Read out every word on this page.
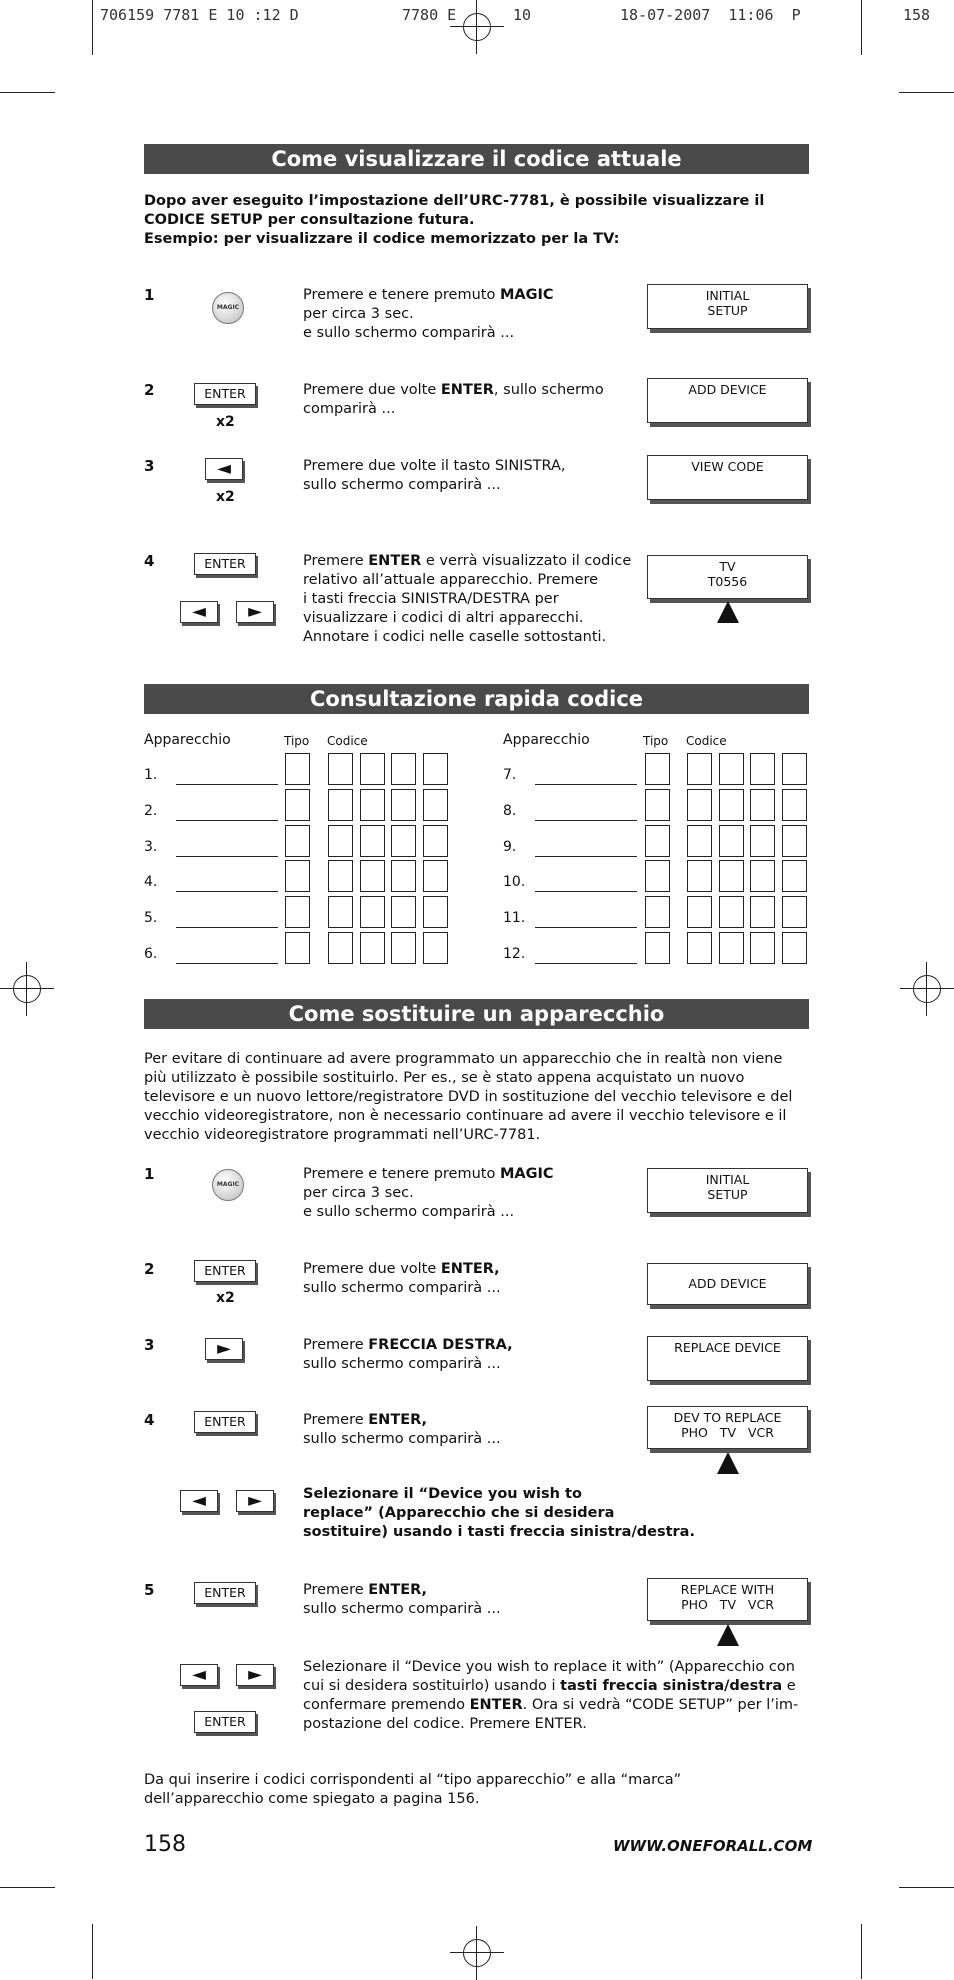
706159 7781 E 10 :12 D	7780 E	10	18-07-2007  11:06  P	158
Come visualizzare il codice attuale
Dopo aver eseguito l’impostazione dell’URC-7781, è possibile visualizzare il
CODICE SETUP per consultazione futura.
Esempio: per visualizzare il codice memorizzato per la TV:
1
MAGIC
Premere e tenere premuto MAGIC
per circa 3 sec.
e sullo schermo comparirà ...
INITIAL
SETUP
2	ENTER
x2
Premere due volte ENTER, sullo schermo
comparirà ...
ADD DEVICE
3	◄
x2
Premere due volte il tasto SINISTRA,
sullo schermo comparirà ...
VIEW CODE
4	ENTER
◄	►
Premere ENTER e verrà visualizzato il codice
relativo all’attuale apparecchio. Premere
i tasti freccia SINISTRA/DESTRA per
visualizzare i codici di altri apparecchi.
Annotare i codici nelle caselle sottostanti.
TV
T0556
Consultazione rapida codice
Apparecchio	Tipo Codice	Apparecchio	Tipo Codice
1.
2.
3.
4.
5.
6.
7.
8.
9.
10.
11.
12.
Come sostituire un apparecchio
Per evitare di continuare ad avere programmato un apparecchio che in realtà non viene
più utilizzato è possibile sostituirlo. Per es., se è stato appena acquistato un nuovo
televisore e un nuovo lettore/registratore DVD in sostituzione del vecchio televisore e del
vecchio videoregistratore, non è necessario continuare ad avere il vecchio televisore e il
vecchio videoregistratore programmati nell’URC-7781.
1
MAGIC
Premere e tenere premuto MAGIC
per circa 3 sec.
e sullo schermo comparirà ...
INITIAL
SETUP
2	ENTER
x2
Premere due volte ENTER,
sullo schermo comparirà ...	ADD DEVICE
3	►	Premere FRECCIA DESTRA,
sullo schermo comparirà ...
REPLACE DEVICE
4	ENTER	Premere ENTER,
sullo schermo comparirà ...
DEV TO REPLACE
PHO   TV   VCR
◄	►	Selezionare il “Device you wish to
replace” (Apparecchio che si desidera
sostituire) usando i tasti freccia sinistra/destra.
5	ENTER	Premere ENTER,
sullo schermo comparirà ...
REPLACE WITH
PHO   TV   VCR
◄	►
ENTER
Selezionare il “Device you wish to replace it with” (Apparecchio con
cui si desidera sostituirlo) usando i tasti freccia sinistra/destra e
confermare premendo ENTER. Ora si vedrà “CODE SETUP” per l’im-
postazione del codice. Premere ENTER.
Da qui inserire i codici corrispondenti al “tipo apparecchio” e alla “marca”
dell’apparecchio come spiegato a pagina 156.
158	WWW.ONEFORALL.COM
